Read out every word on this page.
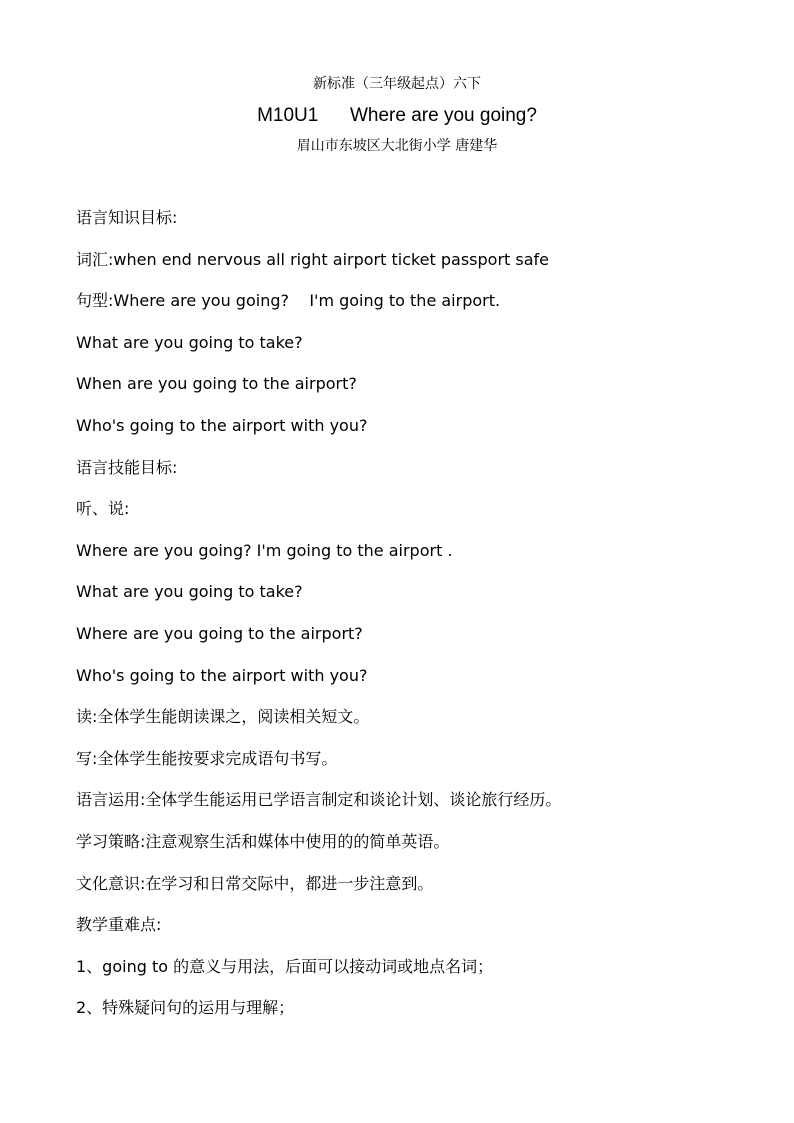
新标准（三年级起点）六下
M10U1      Where are you going?
眉山市东坡区大北街小学 唐建华
语言知识目标:
词汇:when end nervous all right airport ticket passport safe
句型:Where are you going?    I'm going to the airport.
What are you going to take?
When are you going to the airport?
Who's going to the airport with you?
语言技能目标:
听、说:
Where are you going? I'm going to the airport .
What are you going to take?
Where are you going to the airport?
Who's going to the airport with you?
读:全体学生能朗读课之，阅读相关短文。
写:全体学生能按要求完成语句书写。
语言运用:全体学生能运用已学语言制定和谈论计划、谈论旅行经历。
学习策略:注意观察生活和媒体中使用的的简单英语。
文化意识:在学习和日常交际中，都进一步注意到。
教学重难点:
1、going to 的意义与用法，后面可以接动词或地点名词；
2、特殊疑问句的运用与理解；
